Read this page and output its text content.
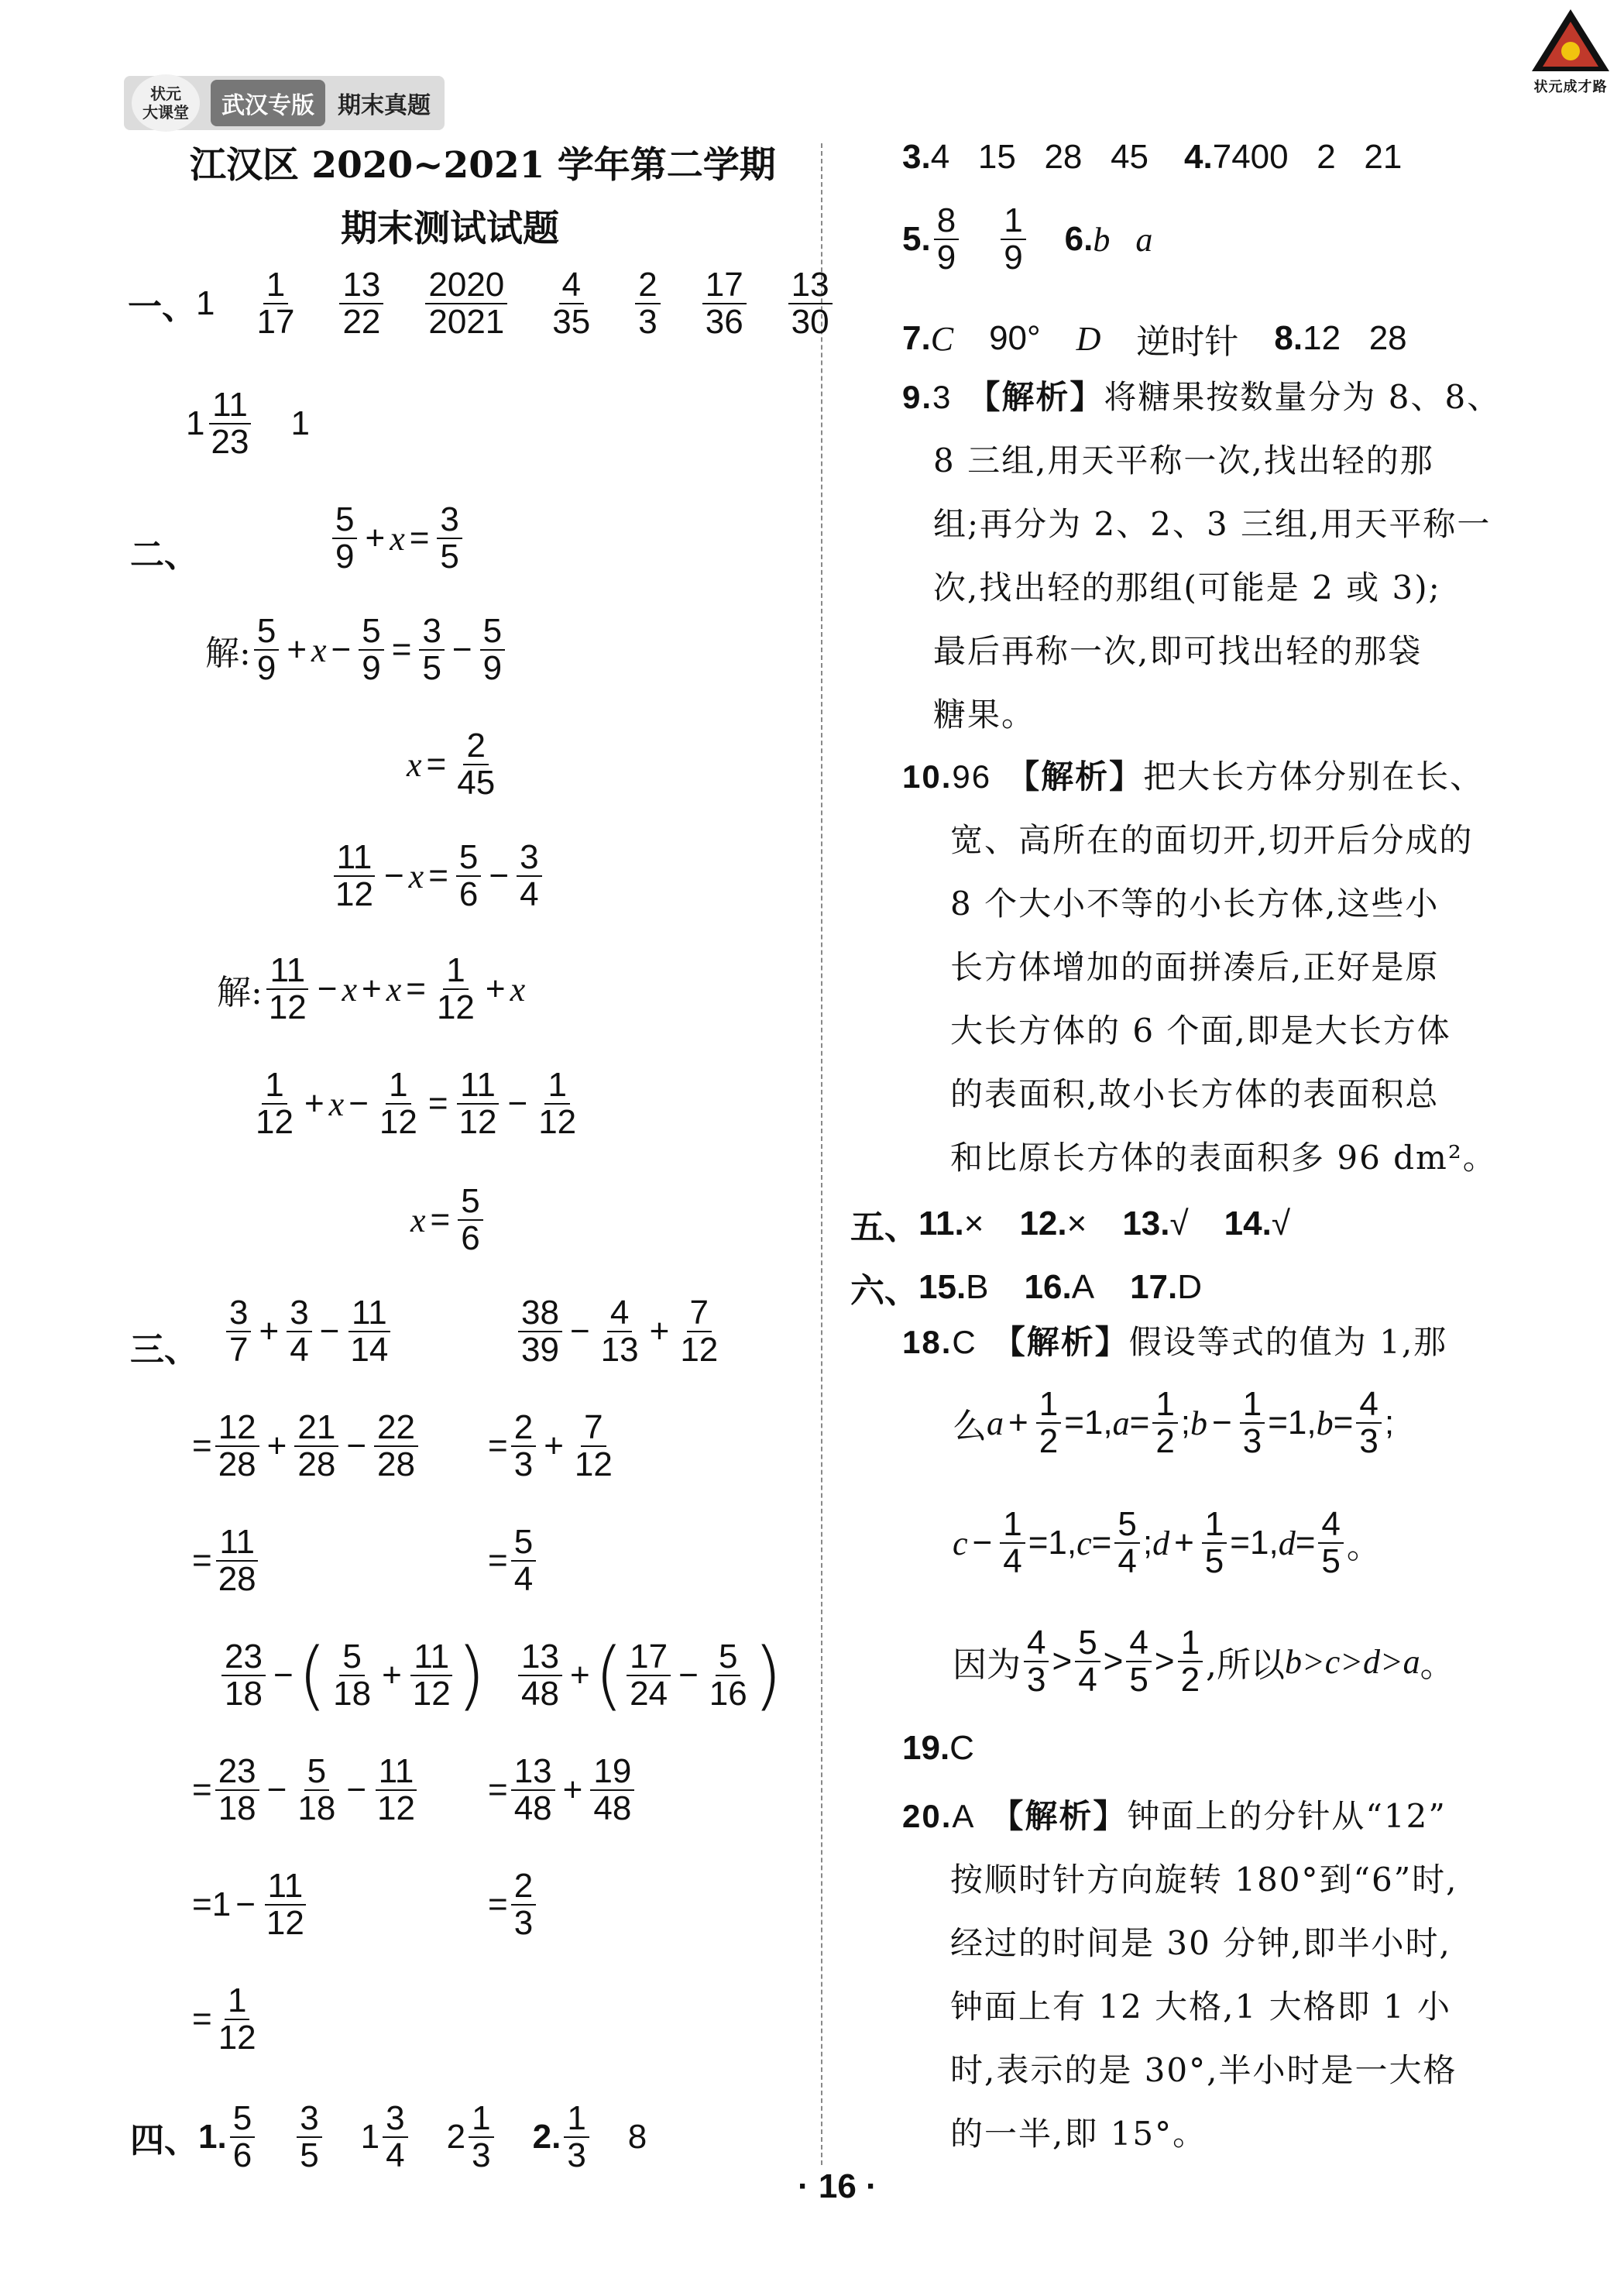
状元
大课堂	武汉专版	期末真题
状元成才路
江汉区 2020~2021 学年第二学期
期末测试试题
一、 1 1
17
13
22
2020
2021
4
35
2
3
17
36
13
30
1 11
23 1
二、
5
$9 + x = \frac{3}{5}$
解:
5
$9 + x - \frac{5}{9} = \frac{3}{5} - \frac{5}{9}$
$x = \frac{2}{45}$
11
$12 - x = \frac{5}{6} - \frac{3}{4}$
解:
11
$12 - x + x = \frac{1}{12} + x$
1
$12 + x - \frac{1}{12} = \frac{11}{12} - \frac{1}{12}$
$x = \frac{5}{6}$
三、
3
$7 + \frac{3}{4} - \frac{11}{14}$	38
$39 - \frac{4}{13} + \frac{7}{12}$
= $\frac{12}{28} + \frac{21}{28} - \frac{22}{28} = \frac{2}{3} + \frac{7}{12}$
= $\frac{11}{28}$	= $\frac{5}{4}$
23
18 − ( 5
$18 + \frac{11}{12}$ ) 13
48 + ( 17
$24 - \frac{5}{16}$ )
= $\frac{23}{18} - \frac{5}{18} - \frac{11}{12} = \frac{13}{48} + \frac{19}{48}$
= $1 - \frac{11}{12}$	= $\frac{2}{3}$
= $\frac{1}{12}$
四、 1. 5
6
3
5 1 3
4 2 1
3 2. 1
3 8
3. 4   15   28   45 4. 7400   2   21
5. 8
9
1
9 6. b   a
7. C 90° D 逆时针 8. 12   28
9.3 【解析】将糖果按数量分为 8、8、
8 三组,用天平称一次,找出轻的那
组;再分为 2、2、3 三组,用天平称一
次,找出轻的那组(可能是 2 或 3);
最后再称一次,即可找出轻的那袋
糖果。
10.96 【解析】把大长方体分别在长、
宽、高所在的面切开,切开后分成的
8 个大小不等的小长方体,这些小
长方体增加的面拼凑后,正好是原
大长方体的 6 个面,即是大长方体
的表面积,故小长方体的表面积总
和比原长方体的表面积多 96 dm²。
五、 11. × 12. × 13. √ 14. √
六、 15. B 16. A 17. D
18.C 【解析】假设等式的值为 1,那
么 $a + \frac{1}{2} = 1$ , $a = \frac{1}{2}$ ; $b - \frac{1}{3} = 1$ , $b = \frac{4}{3}$ ;
$c - \frac{1}{4} = 1$ , $c = \frac{5}{4}$ ; $d + \frac{1}{5} = 1$ , $d = \frac{4}{5}$ 。
因为
4
3 > 5
4 > 4
5 > 1
2 ,所以 b>c>d>a 。
19. C
20.A 【解析】钟面上的分针从“12”
按顺时针方向旋转 180°到“6”时,
经过的时间是 30 分钟,即半小时,
钟面上有 12 大格,1 大格即 1 小
时,表示的是 30°,半小时是一大格
的一半,即 15°。
· 16 ·
